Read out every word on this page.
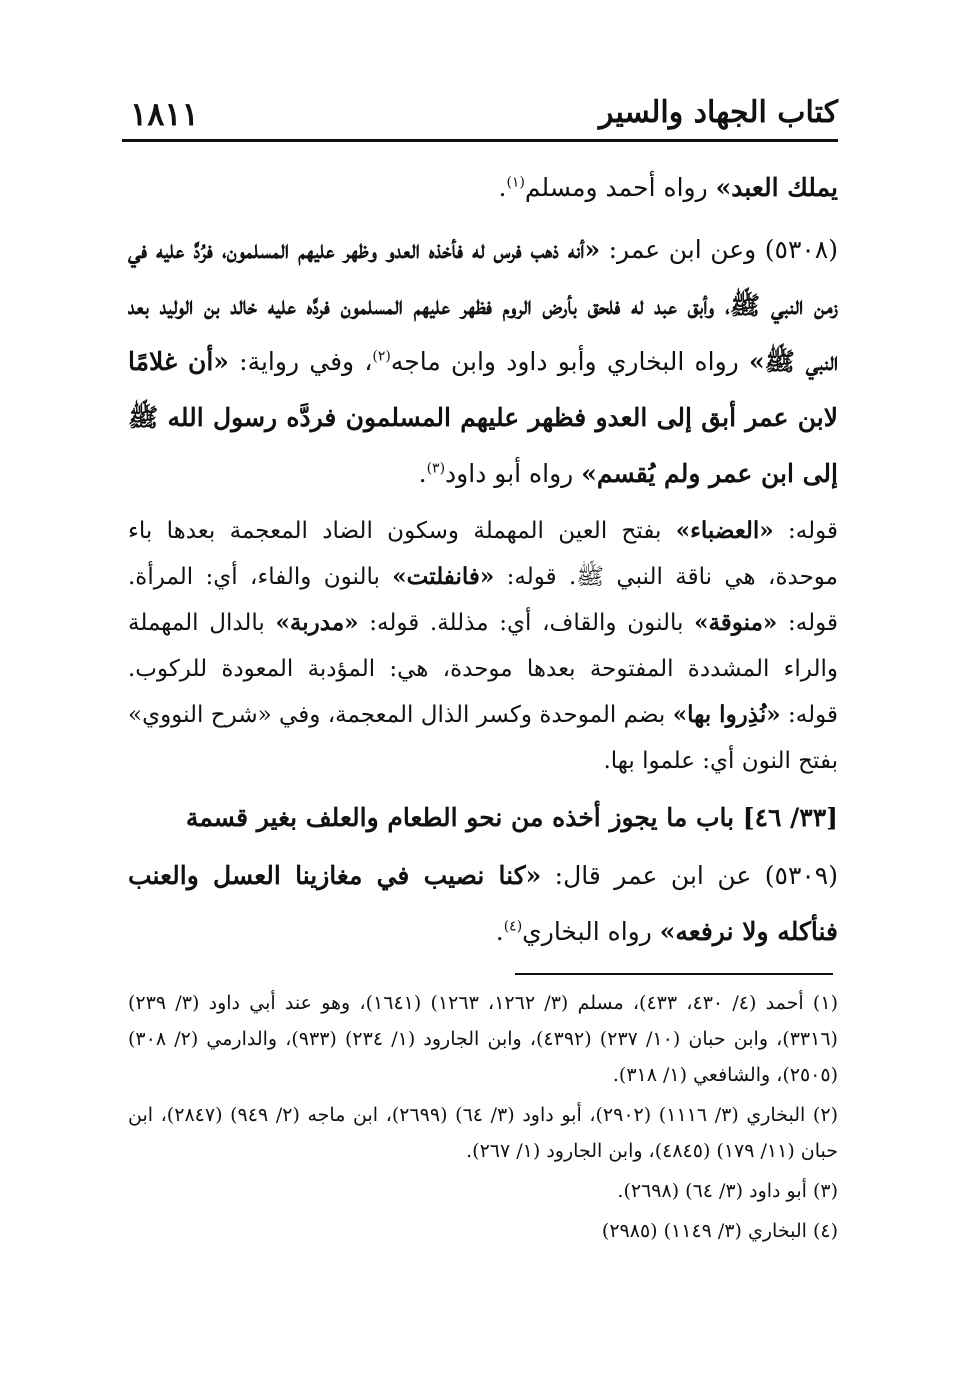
كتاب الجهاد والسير
١٨١١

يملك العبد» رواه أحمد ومسلم$^{(١)}$.

(٥٣٠٨) وعن ابن عمر: «أنه ذهب فرس له فأخذه العدو وظهر عليهم المسلمون، فرُدَّ عليه في زمن النبي ﷺ، وأبق عبد له فلحق بأرض الروم فظهر عليهم المسلمون فردَّه عليه خالد بن الوليد بعد النبي ﷺ» رواه البخاري وأبو داود وابن ماجه$^{(٢)}$، وفي رواية: «أن غلامًا لابن عمر أبق إلى العدو فظهر عليهم المسلمون فردَّه رسول الله ﷺ إلى ابن عمر ولم يُقسم» رواه أبو داود$^{(٣)}$.

قوله: «العضباء» بفتح العين المهملة وسكون الضاد المعجمة بعدها باء موحدة، هي ناقة النبي ﷺ. قوله: «فانفلتت» بالنون والفاء، أي: المرأة. قوله: «منوقة» بالنون والقاف، أي: مذللة. قوله: «مدربة» بالدال المهملة والراء المشددة المفتوحة بعدها موحدة، هي: المؤدبة المعودة للركوب. قوله: «نُذِروا بها» بضم الموحدة وكسر الذال المعجمة، وفي «شرح النووي» بفتح النون أي: علموا بها.

[٣٣/ ٤٦] باب ما يجوز أخذه من نحو الطعام والعلف بغير قسمة

(٥٣٠٩) عن ابن عمر قال: «كنا نصيب في مغازينا العسل والعنب فنأكله ولا نرفعه» رواه البخاري$^{(٤)}$.

(١) أحمد (٤/ ٤٣٠، ٤٣٣)، مسلم (٣/ ١٢٦٢، ١٢٦٣) (١٦٤١)، وهو عند أبي داود (٣/ ٢٣٩) (٣٣١٦)، وابن حبان (١٠/ ٢٣٧) (٤٣٩٢)، وابن الجارود (١/ ٢٣٤) (٩٣٣)، والدارمي (٢/ ٣٠٨) (٢٥٠٥)، والشافعي (١/ ٣١٨).

(٢) البخاري (٣/ ١١١٦) (٢٩٠٢)، أبو داود (٣/ ٦٤) (٢٦٩٩)، ابن ماجه (٢/ ٩٤٩) (٢٨٤٧)، ابن حبان (١١/ ١٧٩) (٤٨٤٥)، وابن الجارود (١/ ٢٦٧).

(٣) أبو داود (٣/ ٦٤) (٢٦٩٨).

(٤) البخاري (٣/ ١١٤٩) (٢٩٨٥)
